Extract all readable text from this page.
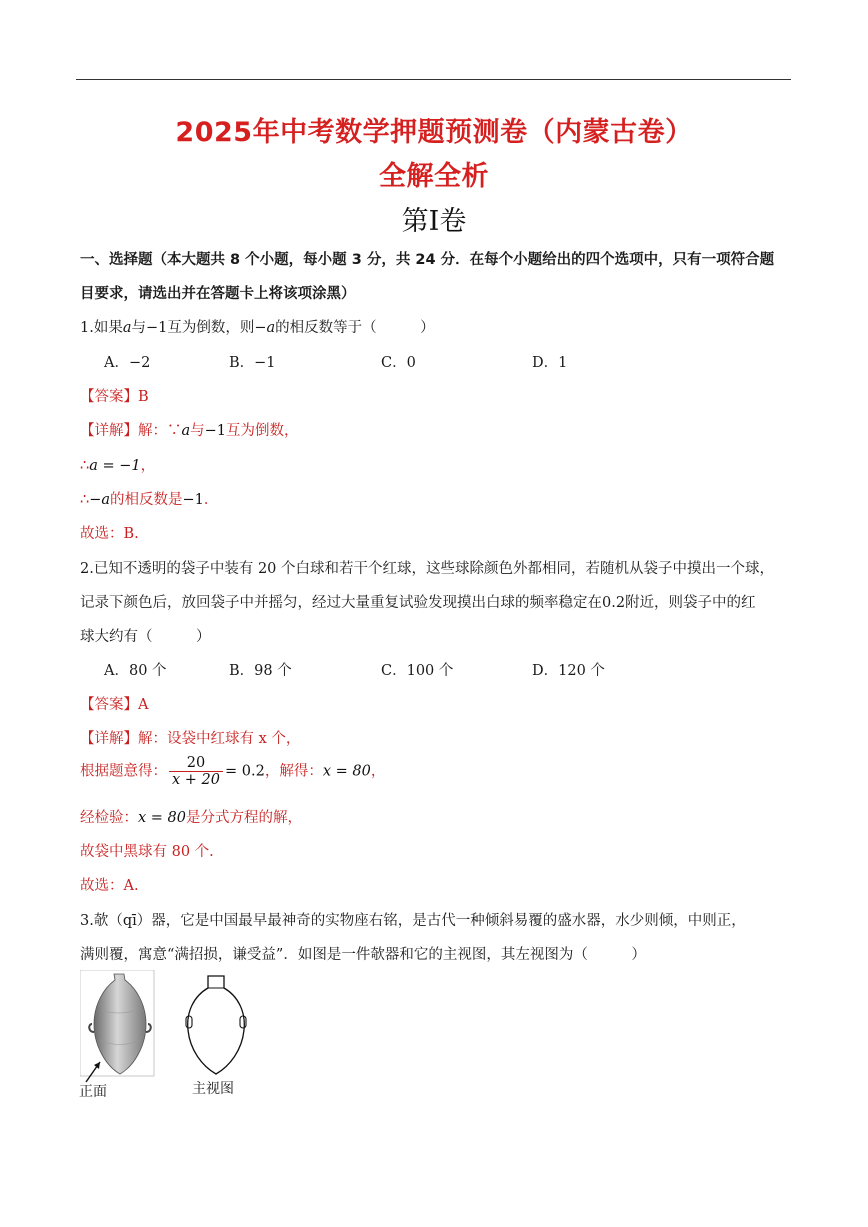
2025年中考数学押题预测卷（内蒙古卷）
全解全析
第I卷
一、选择题（本大题共 8 个小题，每小题 3 分，共 24 分．在每个小题给出的四个选项中，只有一项符合题
目要求，请选出并在答题卡上将该项涂黑）
1.如果a与−1互为倒数，则−a的相反数等于（　　　）
A．−2	B．−1	C．0	D．1
【答案】B
【详解】解：∵a与−1互为倒数，
∴a = −1，
∴−a的相反数是−1．
故选：B.
2.已知不透明的袋子中装有 20 个白球和若干个红球，这些球除颜色外都相同，若随机从袋子中摸出一个球，
记录下颜色后，放回袋子中并摇匀，经过大量重复试验发现摸出白球的频率稳定在0.2附近，则袋子中的红
球大约有（　　　）
A．80 个	B．98 个	C．100 个	D．120 个
【答案】A
【详解】解：设袋中红球有 x 个，
根据题意得： $\frac{20}{x + 20} = 0.2$，解得：x = 80，
经检验：x = 80是分式方程的解，
故袋中黑球有 80 个.
故选：A.
3.欹（qī）器，它是中国最早最神奇的实物座右铭，是古代一种倾斜易覆的盛水器，水少则倾，中则正，
满则覆，寓意“满招损，谦受益”．如图是一件欹器和它的主视图，其左视图为（　　　）
正面	主视图
